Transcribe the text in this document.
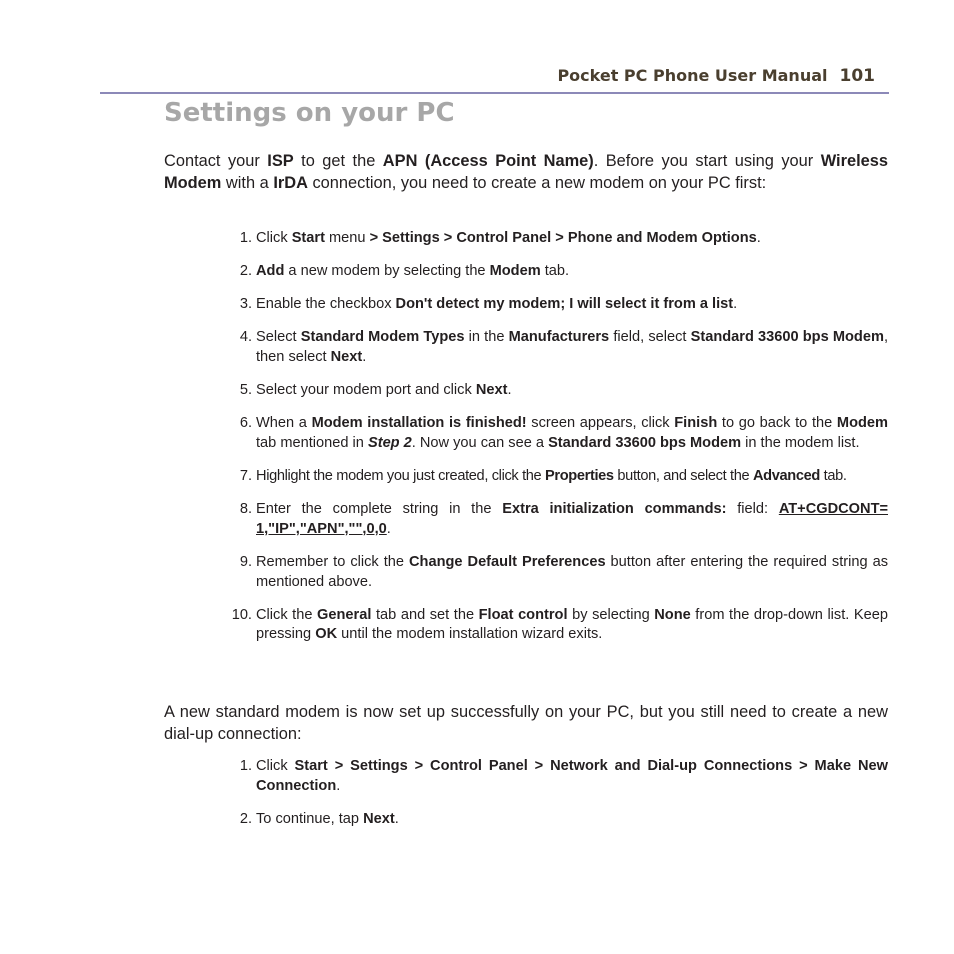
Pocket PC Phone User Manual 101
Settings on your PC

Contact your ISP to get the APN (Access Point Name). Before you start using your Wireless Modem with a IrDA connection, you need to create a new modem on your PC first:

1. Click Start menu > Settings > Control Panel > Phone and Modem Options.
2. Add a new modem by selecting the Modem tab.
3. Enable the checkbox Don't detect my modem; I will select it from a list.
4. Select Standard Modem Types in the Manufacturers field, select Standard 33600 bps Modem, then select Next.
5. Select your modem port and click Next.
6. When a Modem installation is finished! screen appears, click Finish to go back to the Modem tab mentioned in Step 2. Now you can see a Standard 33600 bps Modem in the modem list.
7. Highlight the modem you just created, click the Properties button, and select the Advanced tab.
8. Enter the complete string in the Extra initialization commands: field: AT+CGDCONT= 1,"IP","APN","",0,0.
9. Remember to click the Change Default Preferences button after entering the required string as mentioned above.
10. Click the General tab and set the Float control by selecting None from the drop-down list. Keep pressing OK until the modem installation wizard exits.

A new standard modem is now set up successfully on your PC, but you still need to create a new dial-up connection:

1. Click Start > Settings > Control Panel > Network and Dial-up Connections > Make New Connection.
2. To continue, tap Next.
